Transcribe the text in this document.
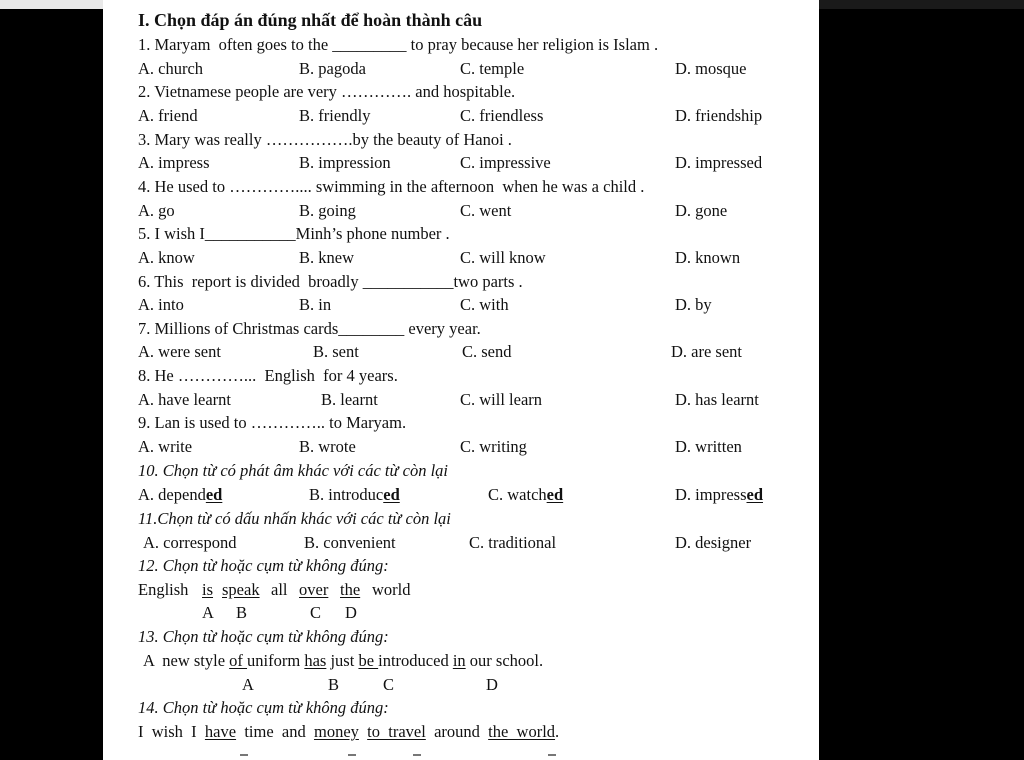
I. Chọn đáp án đúng nhất để hoàn thành câu
1. Maryam  often goes to the _________ to pray because her religion is Islam .
A. church	B. pagoda	C. temple	D. mosque
2. Vietnamese people are very …………. and hospitable.
A. friend	B. friendly	C. friendless	D. friendship
3. Mary was really …………….by the beauty of Hanoi .
A. impress	B. impression	C. impressive	D. impressed
4. He used to ………….... swimming in the afternoon  when he was a child .
A. go	B. going	C. went	D. gone
5. I wish I___________Minh’s phone number .
A. know	B. knew	C. will know	D. known
6. This  report is divided  broadly ___________two parts .
A. into	B. in	C. with	D. by
7. Millions of Christmas cards________ every year.
A. were sent	B. sent	C. send	D. are sent
8. He …………...  English  for 4 years.
A. have learnt	B. learnt	C. will learn	D. has learnt
9. Lan is used to ………….. to Maryam.
A. write	B. wrote	C. writing	D. written
10. Chọn từ có phát âm khác với các từ còn lại
A. depended	B. introduced	C. watched	D. impressed
11.Chọn từ có dấu nhấn khác với các từ còn lại
A. correspond	B. convenient	C. traditional	D. designer
12. Chọn từ hoặc cụm từ không đúng:
English is speak all over the world
A B	C D
13. Chọn từ hoặc cụm từ không đúng:
A  new style of uniform has just be introduced in our school.
A	B	C	D
14. Chọn từ hoặc cụm từ không đúng:
I  wish  I  have  time  and  money to  travel  around  the  world.
